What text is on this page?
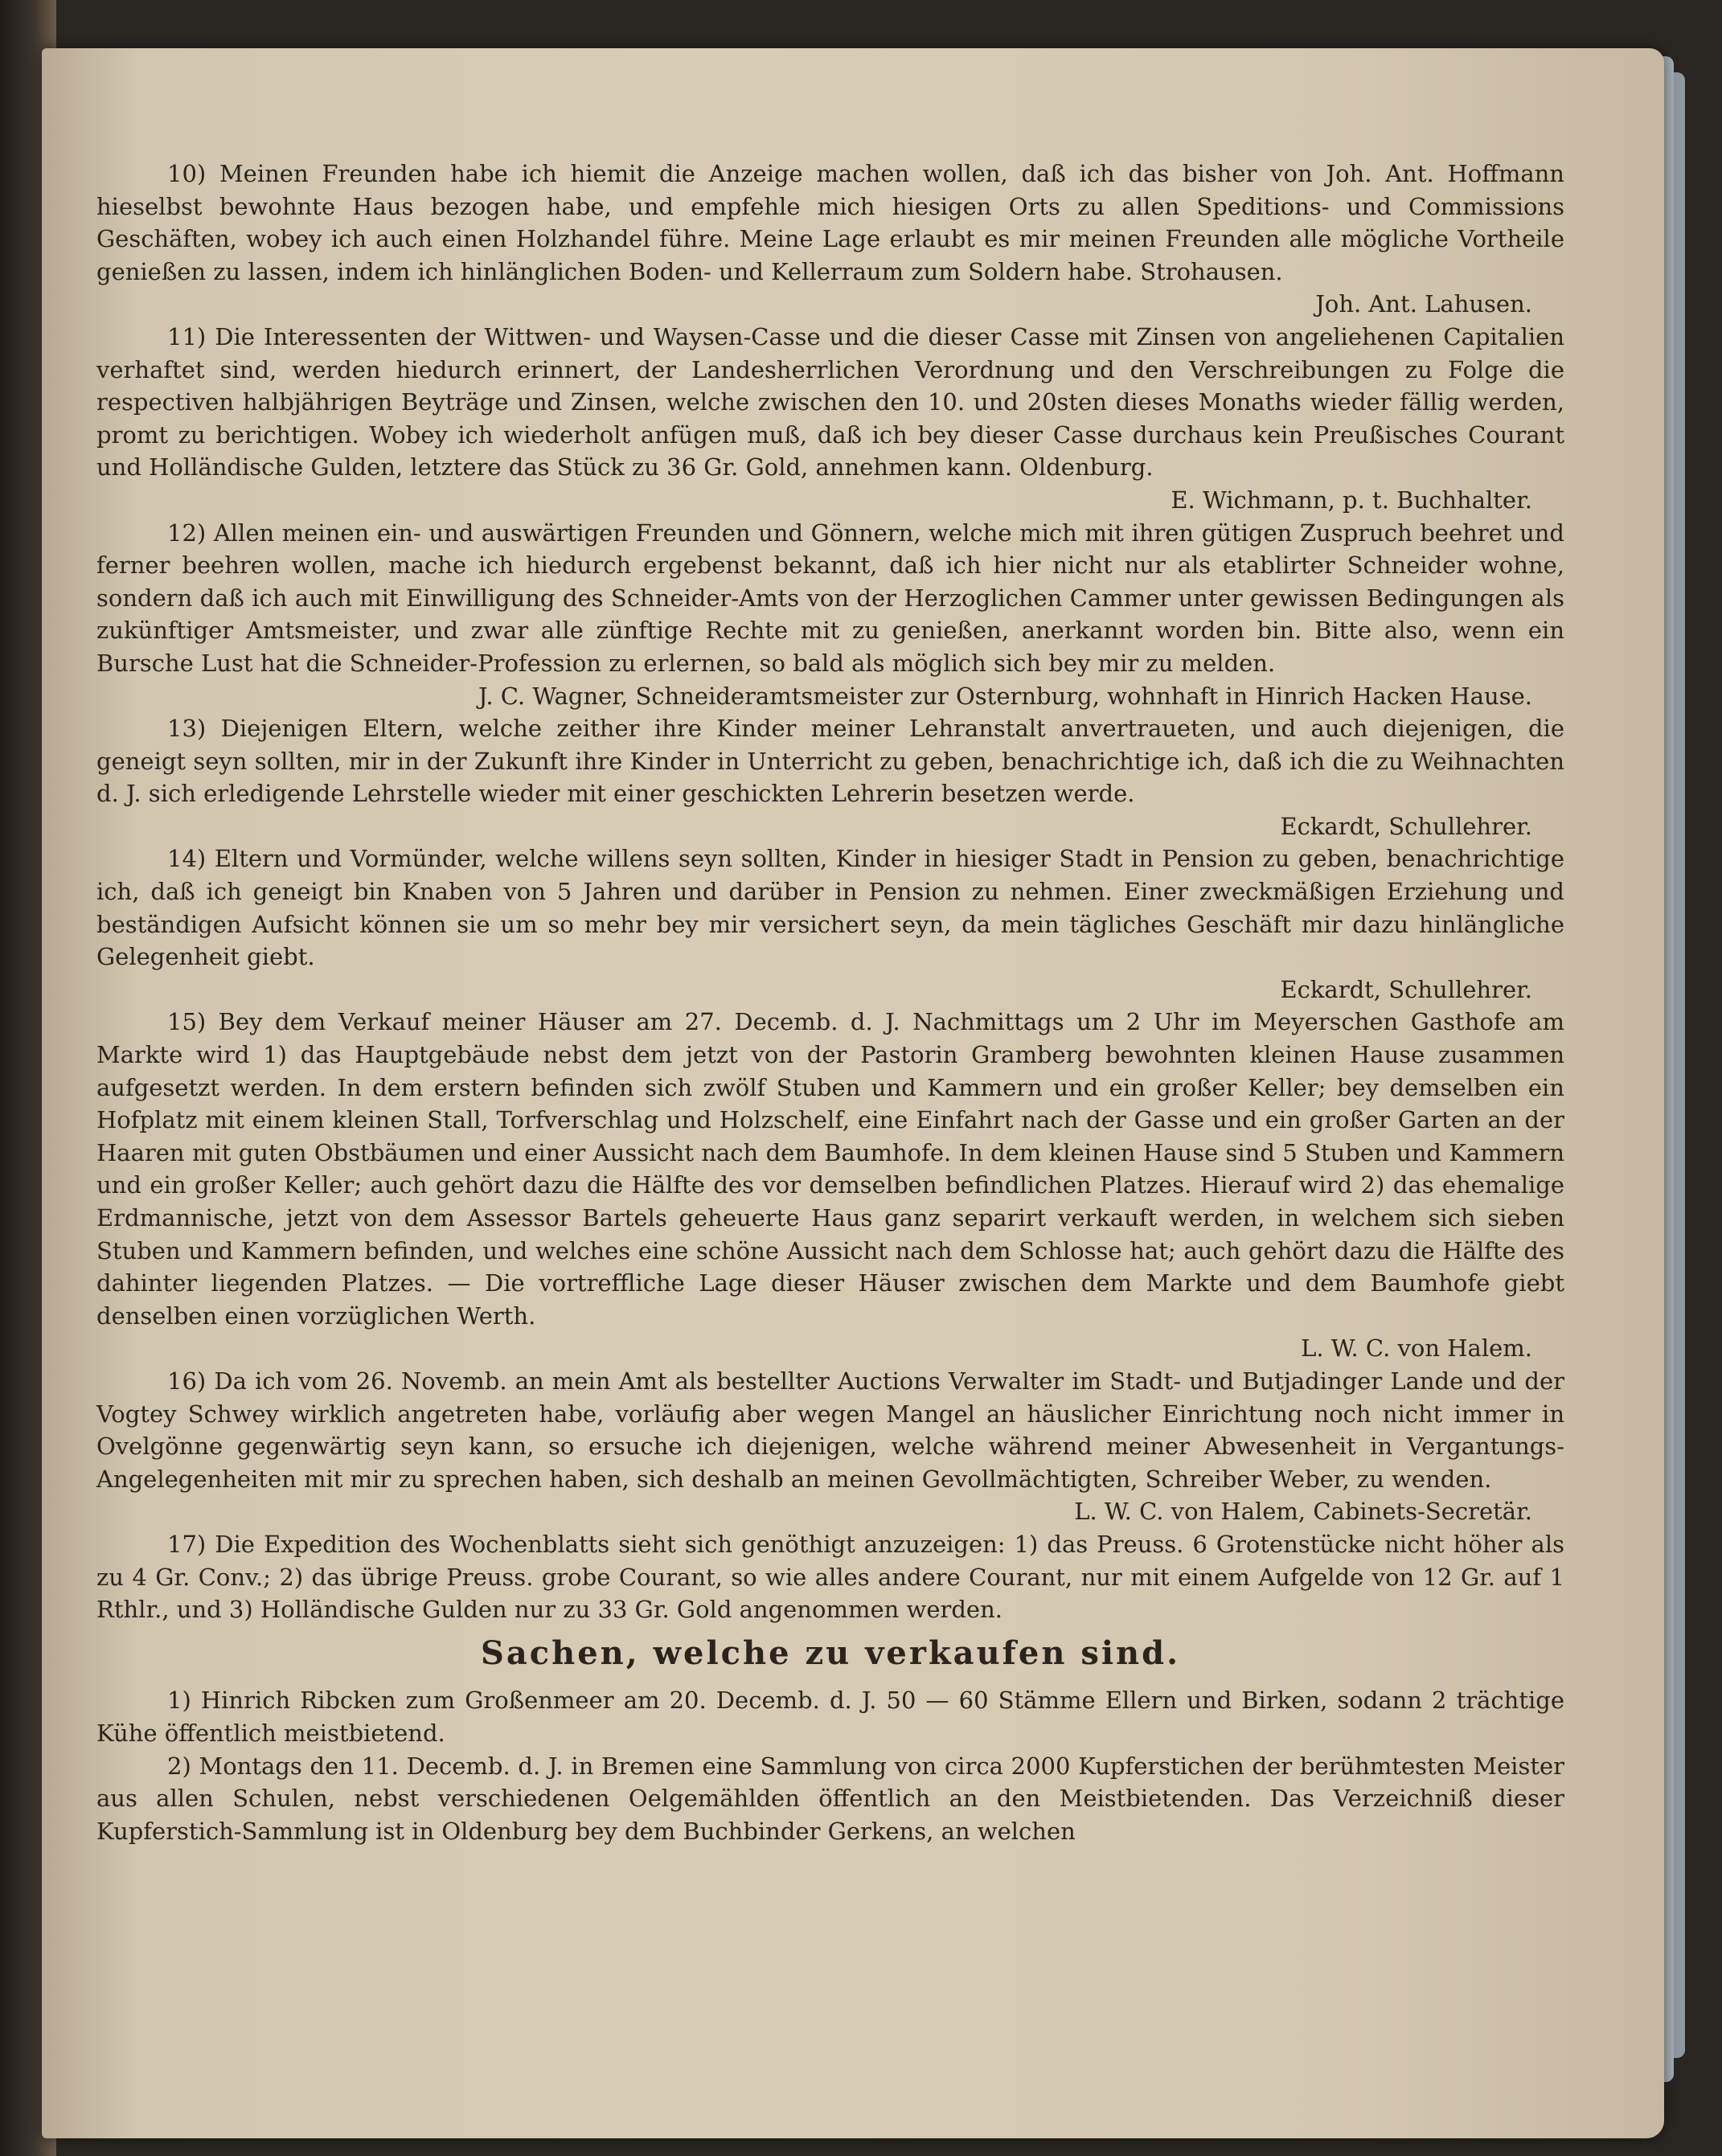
10) Meinen Freunden habe ich hiemit die Anzeige machen wollen, daß ich das bisher von Joh. Ant. Hoffmann hieselbst bewohnte Haus bezogen habe, und empfehle mich hiesigen Orts zu allen Speditions- und Commissions Geschäften, wobey ich auch einen Holzhandel führe. Meine Lage erlaubt es mir meinen Freunden alle mögliche Vortheile genießen zu lassen, indem ich hinlänglichen Boden- und Kellerraum zum Soldern habe. Strohausen.

Joh. Ant. Lahusen.

11) Die Interessenten der Wittwen- und Waysen-Casse und die dieser Casse mit Zinsen von angeliehenen Capitalien verhaftet sind, werden hiedurch erinnert, der Landesherrlichen Verordnung und den Verschreibungen zu Folge die respectiven halbjährigen Beyträge und Zinsen, welche zwischen den 10. und 20sten dieses Monaths wieder fällig werden, promt zu berichtigen. Wobey ich wiederholt anfügen muß, daß ich bey dieser Casse durchaus kein Preußisches Courant und Holländische Gulden, letztere das Stück zu 36 Gr. Gold, annehmen kann. Oldenburg.

E. Wichmann, p. t. Buchhalter.

12) Allen meinen ein- und auswärtigen Freunden und Gönnern, welche mich mit ihren gütigen Zuspruch beehret und ferner beehren wollen, mache ich hiedurch ergebenst bekannt, daß ich hier nicht nur als etablirter Schneider wohne, sondern daß ich auch mit Einwilligung des Schneider-Amts von der Herzoglichen Cammer unter gewissen Bedingungen als zukünftiger Amtsmeister, und zwar alle zünftige Rechte mit zu genießen, anerkannt worden bin. Bitte also, wenn ein Bursche Lust hat die Schneider-Profession zu erlernen, so bald als möglich sich bey mir zu melden.

J. C. Wagner, Schneideramtsmeister zur Osternburg, wohnhaft in Hinrich Hacken Hause.

13) Diejenigen Eltern, welche zeither ihre Kinder meiner Lehranstalt anvertraueten, und auch diejenigen, die geneigt seyn sollten, mir in der Zukunft ihre Kinder in Unterricht zu geben, benachrichtige ich, daß ich die zu Weihnachten d. J. sich erledigende Lehrstelle wieder mit einer geschickten Lehrerin besetzen werde.

Eckardt, Schullehrer.

14) Eltern und Vormünder, welche willens seyn sollten, Kinder in hiesiger Stadt in Pension zu geben, benachrichtige ich, daß ich geneigt bin Knaben von 5 Jahren und darüber in Pension zu nehmen. Einer zweckmäßigen Erziehung und beständigen Aufsicht können sie um so mehr bey mir versichert seyn, da mein tägliches Geschäft mir dazu hinlängliche Gelegenheit giebt.

Eckardt, Schullehrer.

15) Bey dem Verkauf meiner Häuser am 27. Decemb. d. J. Nachmittags um 2 Uhr im Meyerschen Gasthofe am Markte wird 1) das Hauptgebäude nebst dem jetzt von der Pastorin Gramberg bewohnten kleinen Hause zusammen aufgesetzt werden. In dem erstern befinden sich zwölf Stuben und Kammern und ein großer Keller; bey demselben ein Hofplatz mit einem kleinen Stall, Torfverschlag und Holzschelf, eine Einfahrt nach der Gasse und ein großer Garten an der Haaren mit guten Obstbäumen und einer Aussicht nach dem Baumhofe. In dem kleinen Hause sind 5 Stuben und Kammern und ein großer Keller; auch gehört dazu die Hälfte des vor demselben befindlichen Platzes. Hierauf wird 2) das ehemalige Erdmannische, jetzt von dem Assessor Bartels geheuerte Haus ganz separirt verkauft werden, in welchem sich sieben Stuben und Kammern befinden, und welches eine schöne Aussicht nach dem Schlosse hat; auch gehört dazu die Hälfte des dahinter liegenden Platzes. — Die vortreffliche Lage dieser Häuser zwischen dem Markte und dem Baumhofe giebt denselben einen vorzüglichen Werth.

L. W. C. von Halem.

16) Da ich vom 26. Novemb. an mein Amt als bestellter Auctions Verwalter im Stadt- und Butjadinger Lande und der Vogtey Schwey wirklich angetreten habe, vorläufig aber wegen Mangel an häuslicher Einrichtung noch nicht immer in Ovelgönne gegenwärtig seyn kann, so ersuche ich diejenigen, welche während meiner Abwesenheit in Vergantungs-Angelegenheiten mit mir zu sprechen haben, sich deshalb an meinen Gevollmächtigten, Schreiber Weber, zu wenden.

L. W. C. von Halem, Cabinets-Secretär.

17) Die Expedition des Wochenblatts sieht sich genöthigt anzuzeigen: 1) das Preuss. 6 Grotenstücke nicht höher als zu 4 Gr. Conv.; 2) das übrige Preuss. grobe Courant, so wie alles andere Courant, nur mit einem Aufgelde von 12 Gr. auf 1 Rthlr., und 3) Holländische Gulden nur zu 33 Gr. Gold angenommen werden.

Sachen, welche zu verkaufen sind.

1) Hinrich Ribcken zum Großenmeer am 20. Decemb. d. J. 50 — 60 Stämme Ellern und Birken, sodann 2 trächtige Kühe öffentlich meistbietend.

2) Montags den 11. Decemb. d. J. in Bremen eine Sammlung von circa 2000 Kupferstichen der berühmtesten Meister aus allen Schulen, nebst verschiedenen Oelgemählden öffentlich an den Meistbietenden. Das Verzeichniß dieser Kupferstich-Sammlung ist in Oldenburg bey dem Buchbinder Gerkens, an welchen
